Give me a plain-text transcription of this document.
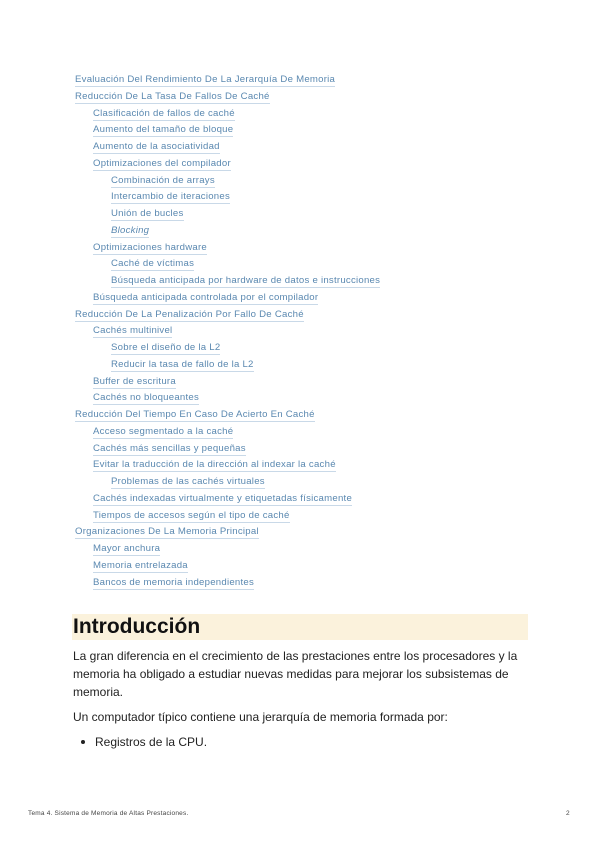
Evaluación Del Rendimiento De La Jerarquía De Memoria
Reducción De La Tasa De Fallos De Caché
Clasificación de fallos de caché
Aumento del tamaño de bloque
Aumento de la asociatividad
Optimizaciones del compilador
Combinación de arrays
Intercambio de iteraciones
Unión de bucles
Blocking
Optimizaciones hardware
Caché de víctimas
Búsqueda anticipada por hardware de datos e instrucciones
Búsqueda anticipada controlada por el compilador
Reducción De La Penalización Por Fallo De Caché
Cachés multinivel
Sobre el diseño de la L2
Reducir la tasa de fallo de la L2
Buffer de escritura
Cachés no bloqueantes
Reducción Del Tiempo En Caso De Acierto En Caché
Acceso segmentado a la caché
Cachés más sencillas y pequeñas
Evitar la traducción de la dirección al indexar la caché
Problemas de las cachés virtuales
Cachés indexadas virtualmente y etiquetadas físicamente
Tiempos de accesos según el tipo de caché
Organizaciones De La Memoria Principal
Mayor anchura
Memoria entrelazada
Bancos de memoria independientes
Introducción
La gran diferencia en el crecimiento de las prestaciones entre los procesadores y la memoria ha obligado a estudiar nuevas medidas para mejorar los subsistemas de memoria.
Un computador típico contiene una jerarquía de memoria formada por:
Registros de la CPU.
Tema 4. Sistema de Memoria de Altas Prestaciones.	2
